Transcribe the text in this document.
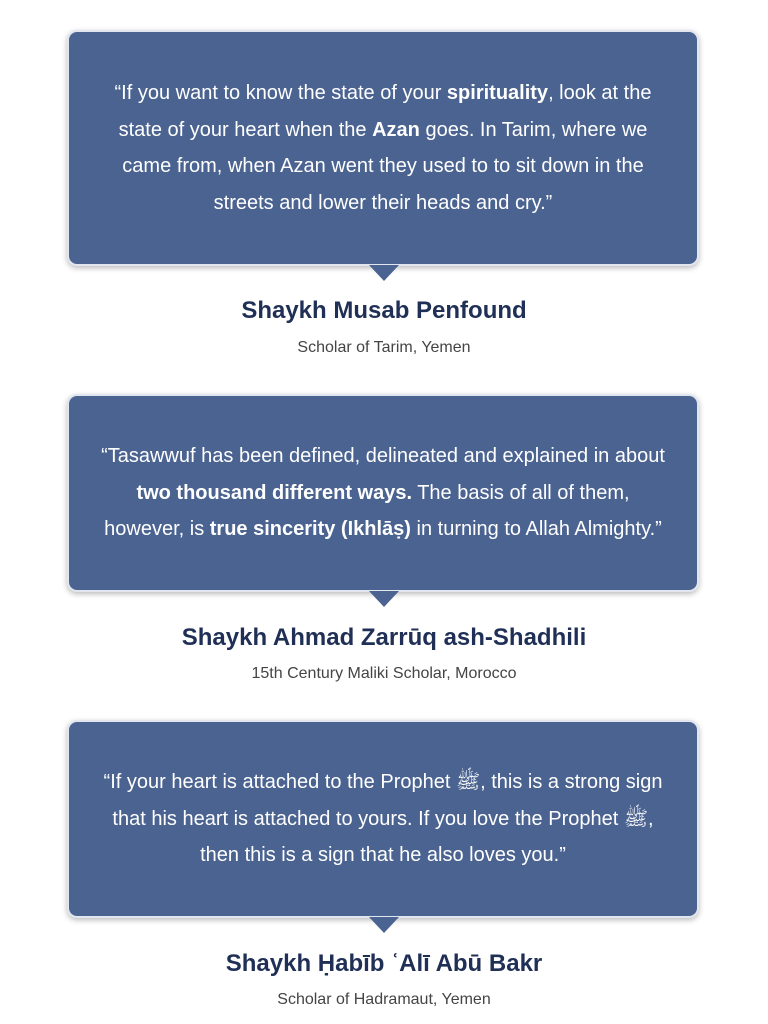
“If you want to know the state of your spirituality, look at the state of your heart when the Azan goes. In Tarim, where we came from, when Azan went they used to to sit down in the streets and lower their heads and cry.”

Shaykh Musab Penfound
Scholar of Tarim, Yemen

“Tasawwuf has been defined, delineated and explained in about two thousand different ways. The basis of all of them, however, is true sincerity (Ikhlāṣ) in turning to Allah Almighty.”

Shaykh Ahmad Zarrūq ash-Shadhili
15th Century Maliki Scholar, Morocco

“If your heart is attached to the Prophet ﷺ, this is a strong sign that his heart is attached to yours. If you love the Prophet ﷺ, then this is a sign that he also loves you.”

Shaykh Ḥabīb ʿAlī Abū Bakr
Scholar of Hadramaut, Yemen
